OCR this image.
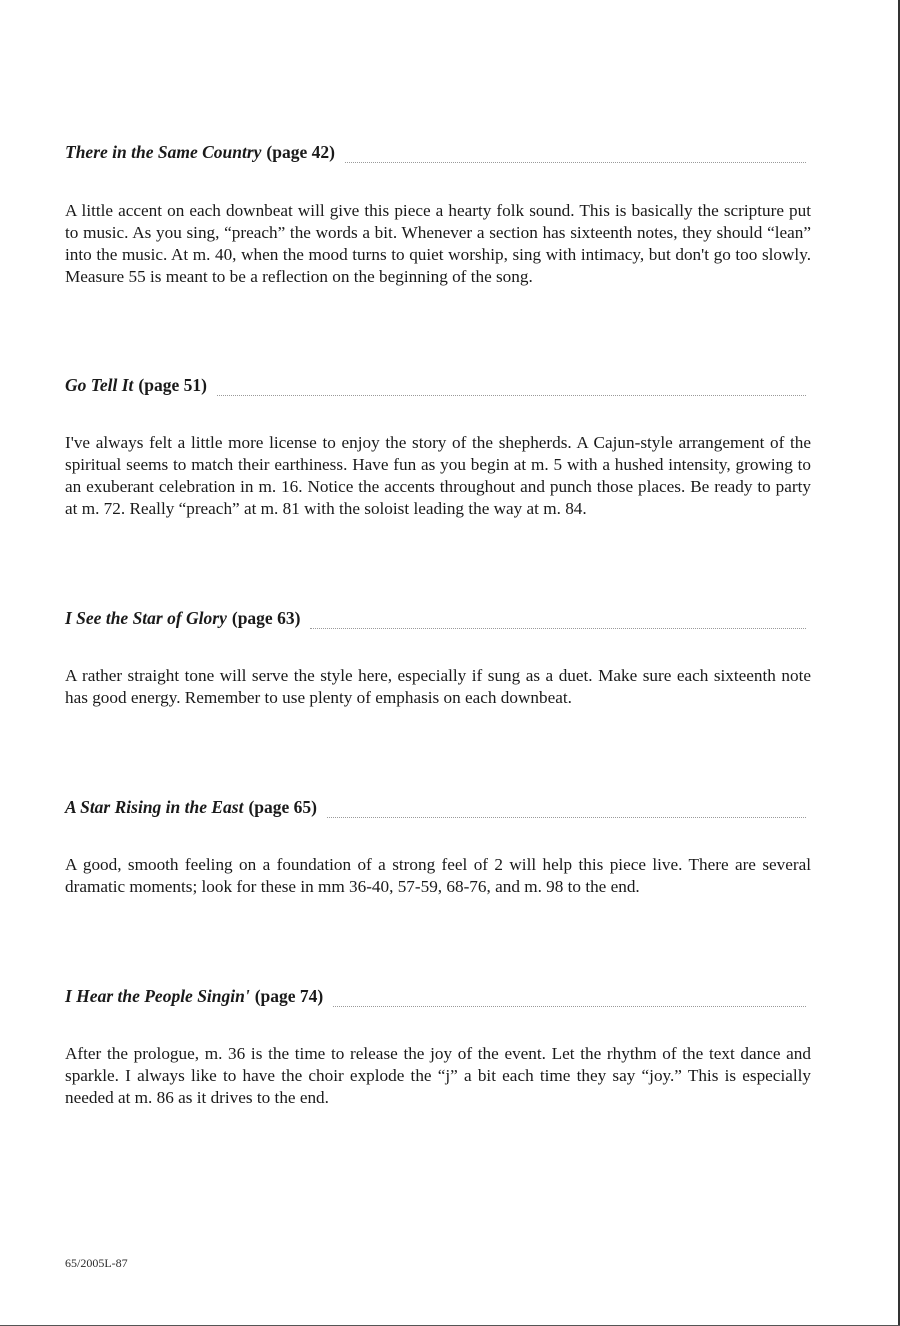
There in the Same Country (page 42)

A little accent on each downbeat will give this piece a hearty folk sound. This is basically the scripture put to music. As you sing, “preach” the words a bit. Whenever a section has sixteenth notes, they should “lean” into the music. At m. 40, when the mood turns to quiet worship, sing with intimacy, but don't go too slowly. Measure 55 is meant to be a reflection on the beginning of the song.

Go Tell It (page 51)

I've always felt a little more license to enjoy the story of the shepherds. A Cajun-style arrangement of the spiritual seems to match their earthiness. Have fun as you begin at m. 5 with a hushed intensity, growing to an exuberant celebration in m. 16. Notice the accents throughout and punch those places. Be ready to party at m. 72. Really “preach” at m. 81 with the soloist leading the way at m. 84.

I See the Star of Glory (page 63)

A rather straight tone will serve the style here, especially if sung as a duet. Make sure each sixteenth note has good energy. Remember to use plenty of emphasis on each downbeat.

A Star Rising in the East (page 65)

A good, smooth feeling on a foundation of a strong feel of 2 will help this piece live. There are several dramatic moments; look for these in mm 36-40, 57-59, 68-76, and m. 98 to the end.

I Hear the People Singin' (page 74)

After the prologue, m. 36 is the time to release the joy of the event. Let the rhythm of the text dance and sparkle. I always like to have the choir explode the “j” a bit each time they say “joy.” This is especially needed at m. 86 as it drives to the end.

65/2005L-87
